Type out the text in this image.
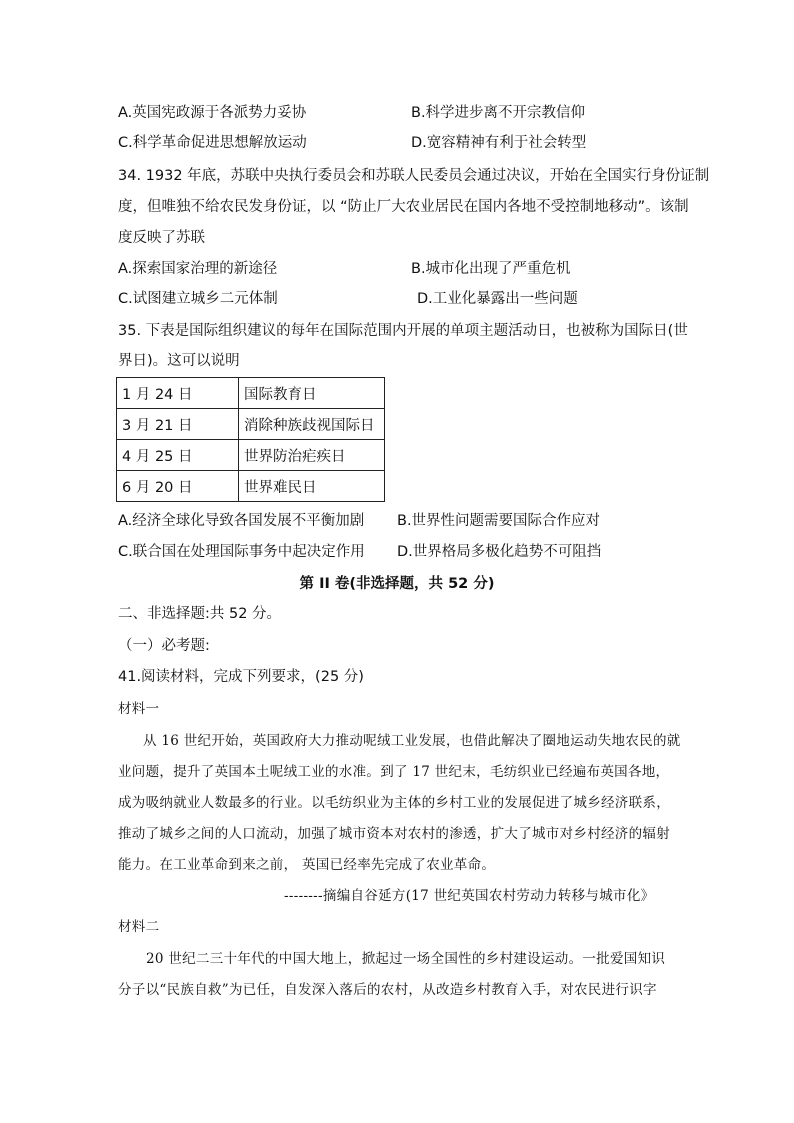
A.英国宪政源于各派势力妥协	B.科学进步离不开宗教信仰
C.科学革命促进思想解放运动	D.宽容精神有利于社会转型
34. 1932 年底，苏联中央执行委员会和苏联人民委员会通过决议，开始在全国实行身份证制
度，但唯独不给农民发身份证，以 “防止厂大农业居民在国内各地不受控制地移动”。该制
度反映了苏联
A.探索国家治理的新途径	B.城市化出现了严重危机
C.试图建立城乡二元体制	D.工业化暴露出一些问题
35. 下表是国际组织建议的每年在国际范围内开展的单项主题活动日，也被称为国际日(世
界日)。这可以说明
1 月 24 日	国际教育日
3 月 21 日	消除种族歧视国际日
4 月 25 日	世界防治疟疾日
6 月 20 日	世界难民日
A.经济全球化导致各国发展不平衡加剧 B.世界性问题需要国际合作应对
C.联合国在处理国际事务中起决定作用 D.世界格局多极化趋势不可阻挡
第 II 卷(非选择题，共 52 分)
二、非选择题:共 52 分。
（一）必考题:
41.阅读材料，完成下列要求，(25 分)
材料一
从 16 世纪开始，英国政府大力推动呢绒工业发展，也借此解决了圈地运动失地农民的就
业问题，提升了英国本土呢绒工业的水准。到了 17 世纪末，毛纺织业已经遍布英国各地，
成为吸纳就业人数最多的行业。以毛纺织业为主体的乡村工业的发展促进了城乡经济联系，
推动了城乡之间的人口流动，加强了城市资本对农村的渗透，扩大了城市对乡村经济的辐射
能力。在工业革命到来之前， 英国已经率先完成了农业革命。
--------摘编自谷延方(17 世纪英国农村劳动力转移与城市化》
材料二
20 世纪二三十年代的中国大地上，掀起过一场全国性的乡村建设运动。一批爱国知识
分子以“民族自救”为已任，自发深入落后的农村，从改造乡村教育入手，对农民进行识字
